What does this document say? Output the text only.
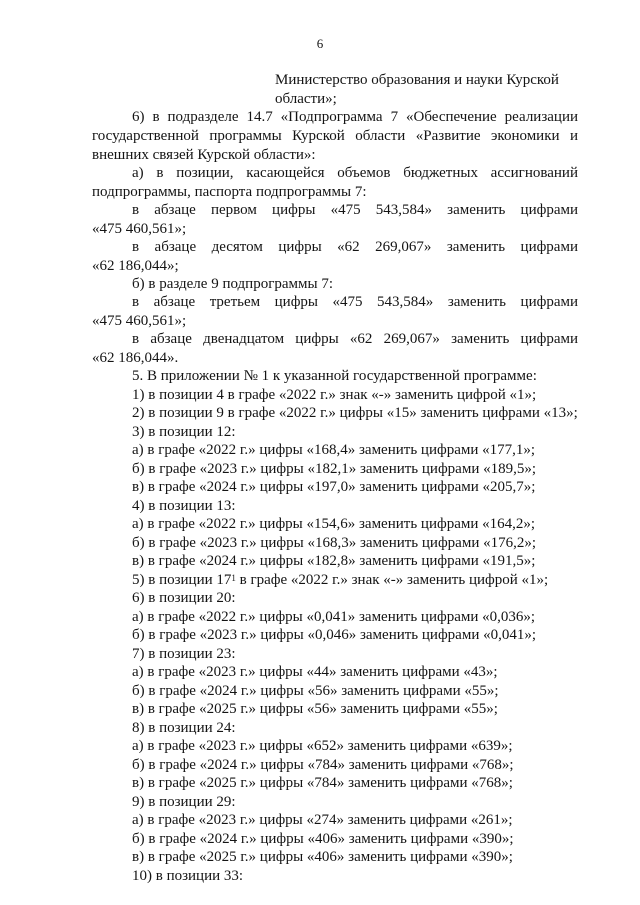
6
Министерство образования и науки Курской
области»;
6) в подразделе 14.7 «Подпрограмма 7 «Обеспечение реализации
государственной программы Курской области «Развитие экономики и
внешних связей Курской области»:
а) в позиции, касающейся объемов бюджетных ассигнований
подпрограммы, паспорта подпрограммы 7:
в абзаце первом цифры «475 543,584» заменить цифрами
«475 460,561»;
в абзаце десятом цифры «62 269,067» заменить цифрами
«62 186,044»;
б) в разделе 9 подпрограммы 7:
в абзаце третьем цифры «475 543,584» заменить цифрами
«475 460,561»;
в абзаце двенадцатом цифры «62 269,067» заменить цифрами
«62 186,044».
5. В приложении № 1 к указанной государственной программе:
1) в позиции 4 в графе «2022 г.» знак «-» заменить цифрой «1»;
2) в позиции 9 в графе «2022 г.» цифры «15» заменить цифрами «13»;
3) в позиции 12:
а) в графе «2022 г.» цифры «168,4» заменить цифрами «177,1»;
б) в графе «2023 г.» цифры «182,1» заменить цифрами «189,5»;
в) в графе «2024 г.» цифры «197,0» заменить цифрами «205,7»;
4) в позиции 13:
а) в графе «2022 г.» цифры «154,6» заменить цифрами «164,2»;
б) в графе «2023 г.» цифры «168,3» заменить цифрами «176,2»;
в) в графе «2024 г.» цифры «182,8» заменить цифрами «191,5»;
5) в позиции $17^1$ в графе «2022 г.» знак «-» заменить цифрой «1»;
6) в позиции 20:
а) в графе «2022 г.» цифры «0,041» заменить цифрами «0,036»;
б) в графе «2023 г.» цифры «0,046» заменить цифрами «0,041»;
7) в позиции 23:
а) в графе «2023 г.» цифры «44» заменить цифрами «43»;
б) в графе «2024 г.» цифры «56» заменить цифрами «55»;
в) в графе «2025 г.» цифры «56» заменить цифрами «55»;
8) в позиции 24:
а) в графе «2023 г.» цифры «652» заменить цифрами «639»;
б) в графе «2024 г.» цифры «784» заменить цифрами «768»;
в) в графе «2025 г.» цифры «784» заменить цифрами «768»;
9) в позиции 29:
а) в графе «2023 г.» цифры «274» заменить цифрами «261»;
б) в графе «2024 г.» цифры «406» заменить цифрами «390»;
в) в графе «2025 г.» цифры «406» заменить цифрами «390»;
10) в позиции 33:
